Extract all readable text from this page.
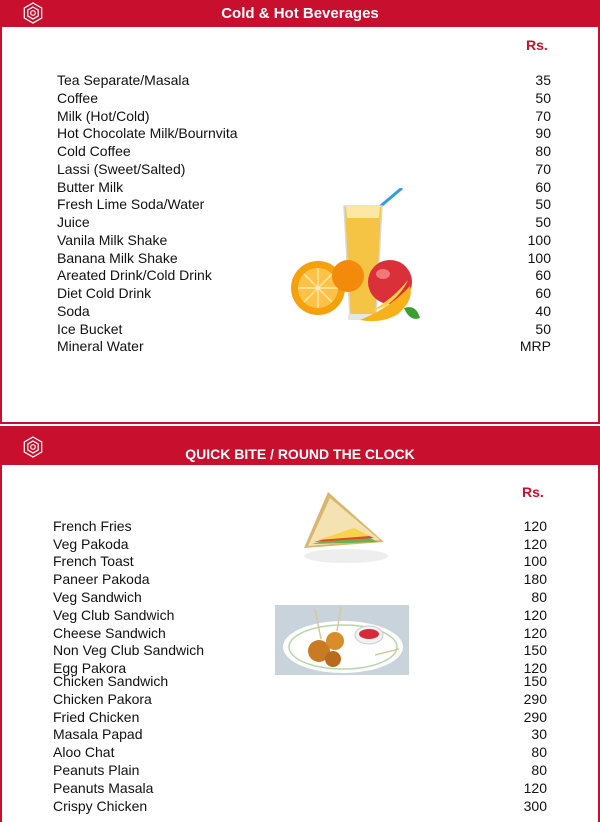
Cold & Hot Beverages
Rs.
Tea Separate/Masala	35
Coffee	50
Milk (Hot/Cold)	70
Hot Chocolate Milk/Bournvita	90
Cold Coffee	80
Lassi (Sweet/Salted)	70
Butter Milk	60
Fresh Lime Soda/Water	50
Juice	50
Vanila Milk Shake	100
Banana Milk Shake	100
Areated Drink/Cold Drink	60
Diet Cold Drink	60
Soda	40
Ice Bucket	50
Mineral Water	MRP
QUICK BITE / ROUND THE CLOCK
Rs.
French Fries	120
Veg Pakoda	120
French Toast	100
Paneer Pakoda	180
Veg Sandwich	80
Veg Club Sandwich	120
Cheese Sandwich	120
Non Veg Club Sandwich	150
Egg Pakora	120
Chicken Sandwich	150
Chicken Pakora	290
Fried Chicken	290
Masala Papad	30
Aloo Chat	80
Peanuts Plain	80
Peanuts Masala	120
Crispy Chicken	300
